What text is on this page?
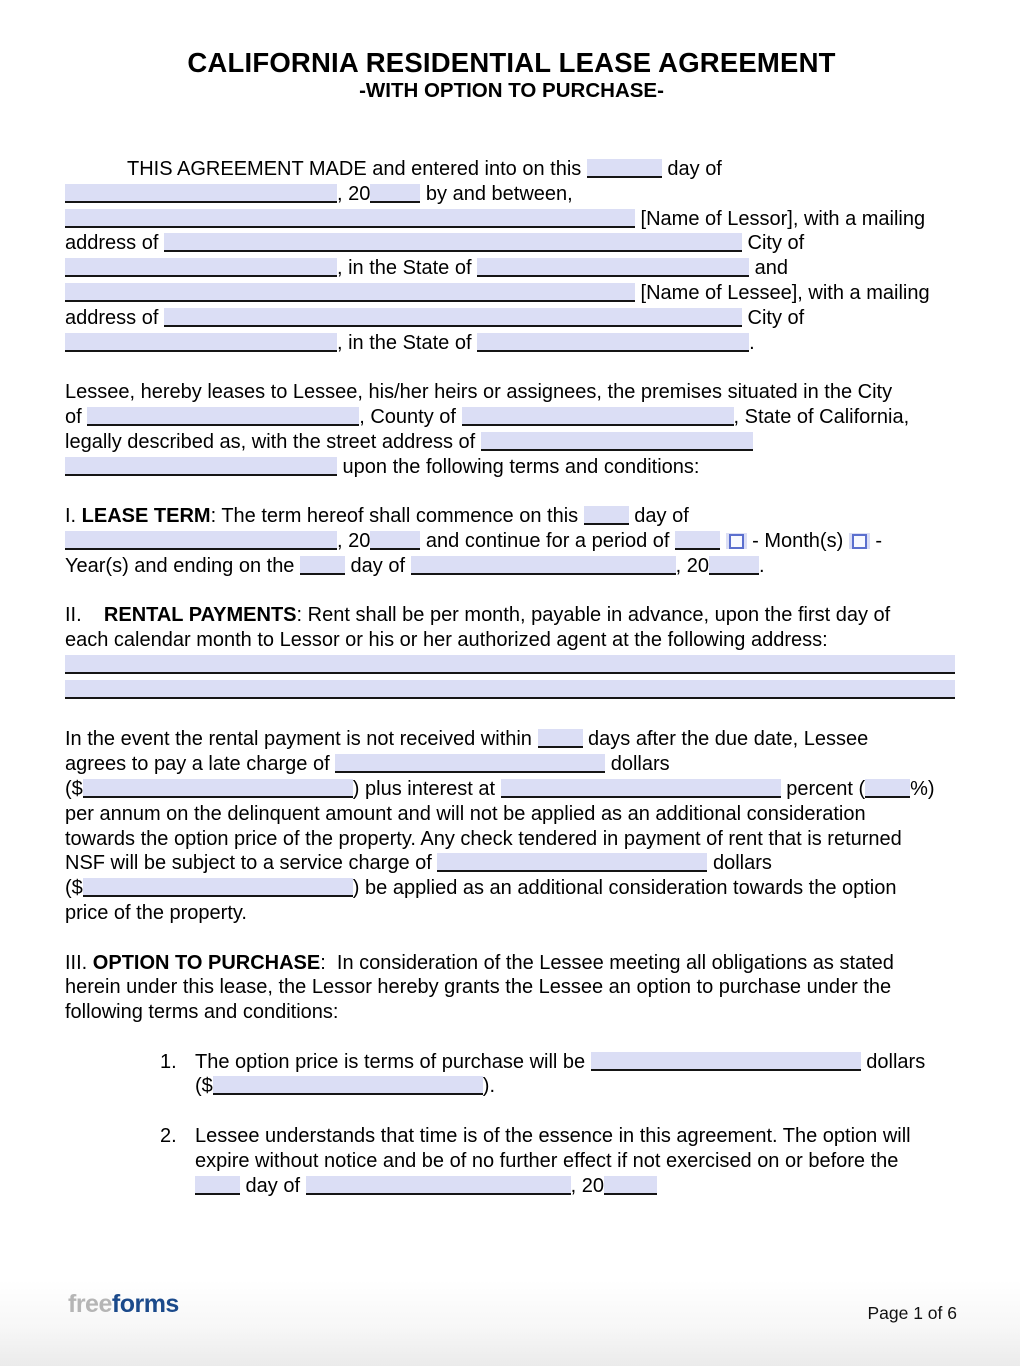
CALIFORNIA RESIDENTIAL LEASE AGREEMENT
-WITH OPTION TO PURCHASE-
THIS AGREEMENT MADE and entered into on this	day of
, 20	by and between,
[Name of Lessor], with a mailing
address of	City of
, in the State of	and
[Name of Lessee], with a mailing
address of	City of
, in the State of	.
Lessee, hereby leases to Lessee, his/her heirs or assignees, the premises situated in the City
of	, County of	, State of California,
legally described as, with the street address of
upon the following terms and conditions:
I. LEASE TERM: The term hereof shall commence on this  day of
, 20	and continue for a period of	- Month(s)  -
Year(s) and ending on the  day of	, 20	.
II.    RENTAL PAYMENTS: Rent shall be per month, payable in advance, upon the first day of
each calendar month to Lessor or his or her authorized agent at the following address:
In the event the rental payment is not received within  days after the due date, Lessee
agrees to pay a late charge of	dollars
($	) plus interest at	percent ( %)
per annum on the delinquent amount and will not be applied as an additional consideration
towards the option price of the property. Any check tendered in payment of rent that is returned
NSF will be subject to a service charge of	dollars
($	) be applied as an additional consideration towards the option
price of the property.
III. OPTION TO PURCHASE:  In consideration of the Lessee meeting all obligations as stated
herein under this lease, the Lessor hereby grants the Lessee an option to purchase under the
following terms and conditions:
1. The option price is terms of purchase will be	dollars
($	).
2. Lessee understands that time is of the essence in this agreement. The option will
expire without notice and be of no further effect if not exercised on or before the
day of	, 20
freeforms	Page 1 of 6
